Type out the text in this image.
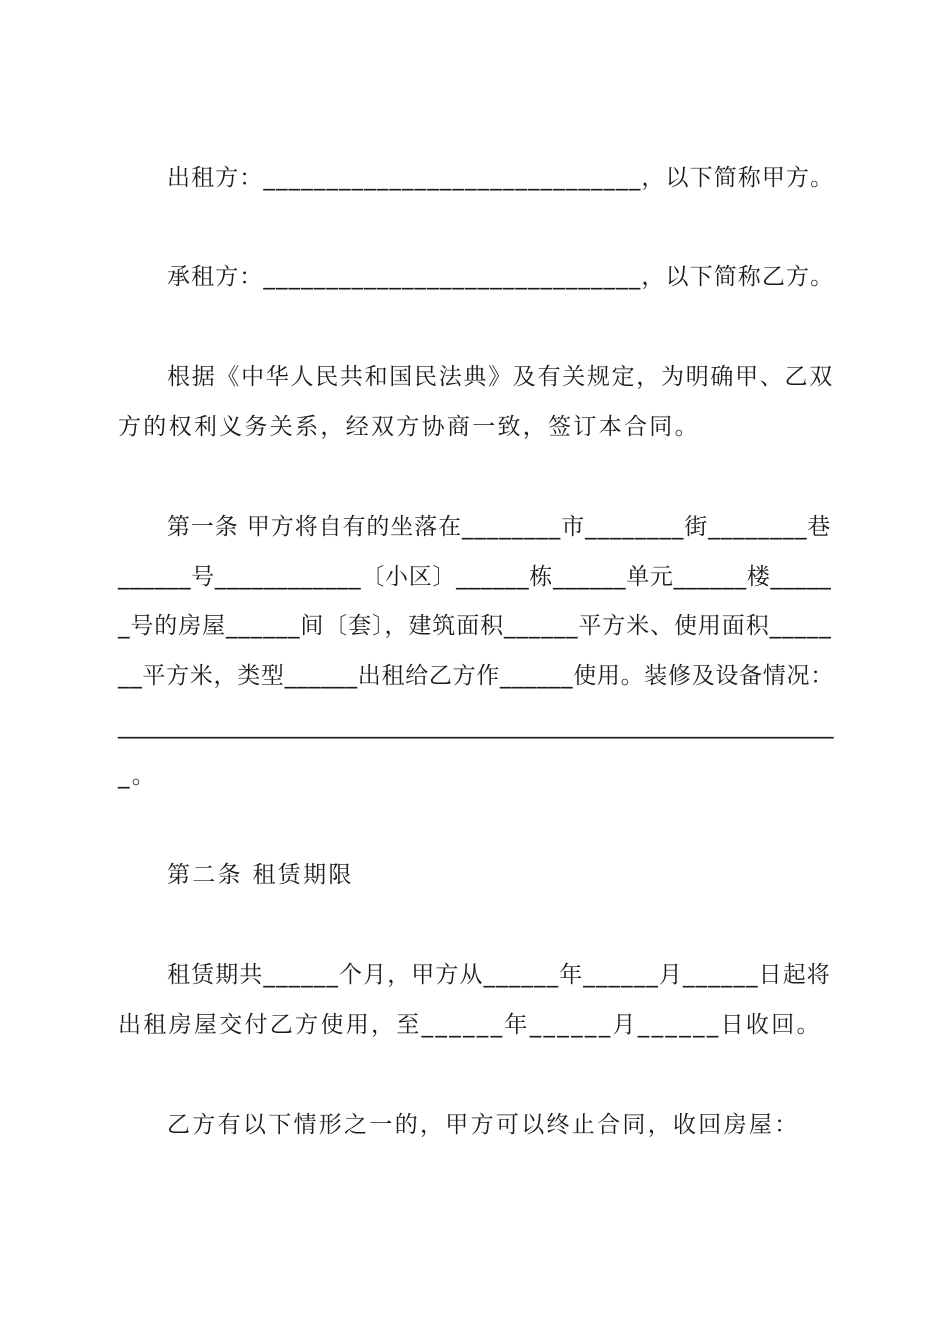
出租方：______________________________，以下简称甲方。
承租方：______________________________，以下简称乙方。
根据《中华人民共和国民法典》及有关规定，为明确甲、乙双
方的权利义务关系，经双方协商一致，签订本合同。
第一条 甲方将自有的坐落在________市________街________巷
______号____________〔小区〕______栋______单元______楼_____
_号的房屋______间〔套〕，建筑面积______平方米、使用面积_____
__平方米，类型______出租给乙方作______使用。装修及设备情况：
_________________________________________________________________
_。
第二条 租赁期限
租赁期共______个月，甲方从______年______月______日起将
出租房屋交付乙方使用，至______年______月______日收回。
乙方有以下情形之一的，甲方可以终止合同，收回房屋：
